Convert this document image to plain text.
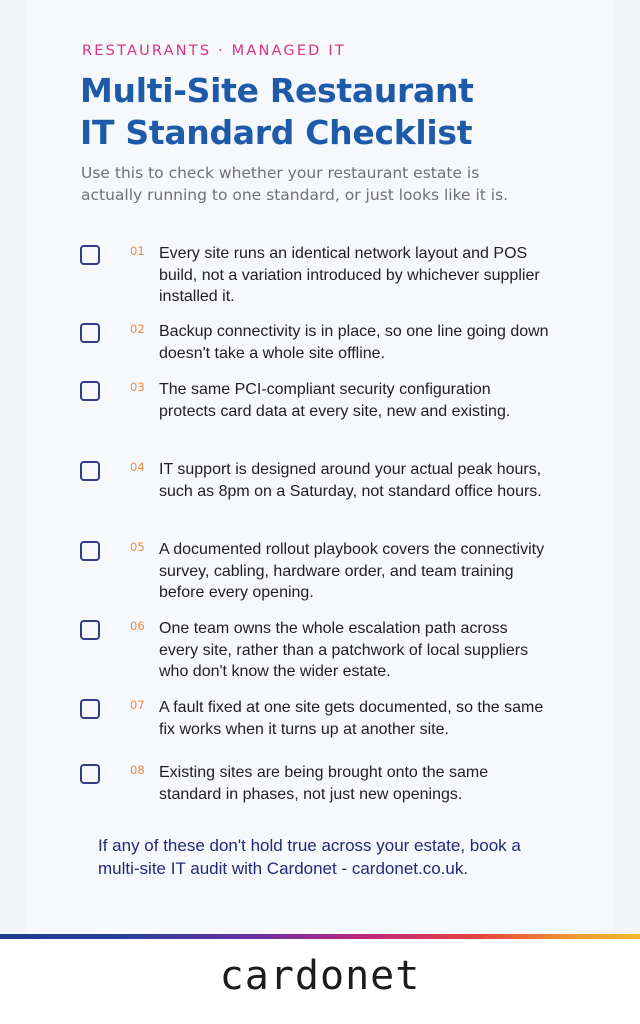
RESTAURANTS · MANAGED IT
Multi-Site Restaurant
IT Standard Checklist
Use this to check whether your restaurant estate is actually running to one standard, or just looks like it is.
01 Every site runs an identical network layout and POS build, not a variation introduced by whichever supplier installed it.
02 Backup connectivity is in place, so one line going down doesn't take a whole site offline.
03 The same PCI-compliant security configuration protects card data at every site, new and existing.
04 IT support is designed around your actual peak hours, such as 8pm on a Saturday, not standard office hours.
05 A documented rollout playbook covers the connectivity survey, cabling, hardware order, and team training before every opening.
06 One team owns the whole escalation path across every site, rather than a patchwork of local suppliers who don't know the wider estate.
07 A fault fixed at one site gets documented, so the same fix works when it turns up at another site.
08 Existing sites are being brought onto the same standard in phases, not just new openings.
If any of these don't hold true across your estate, book a multi-site IT audit with Cardonet - cardonet.co.uk.
cardonet
